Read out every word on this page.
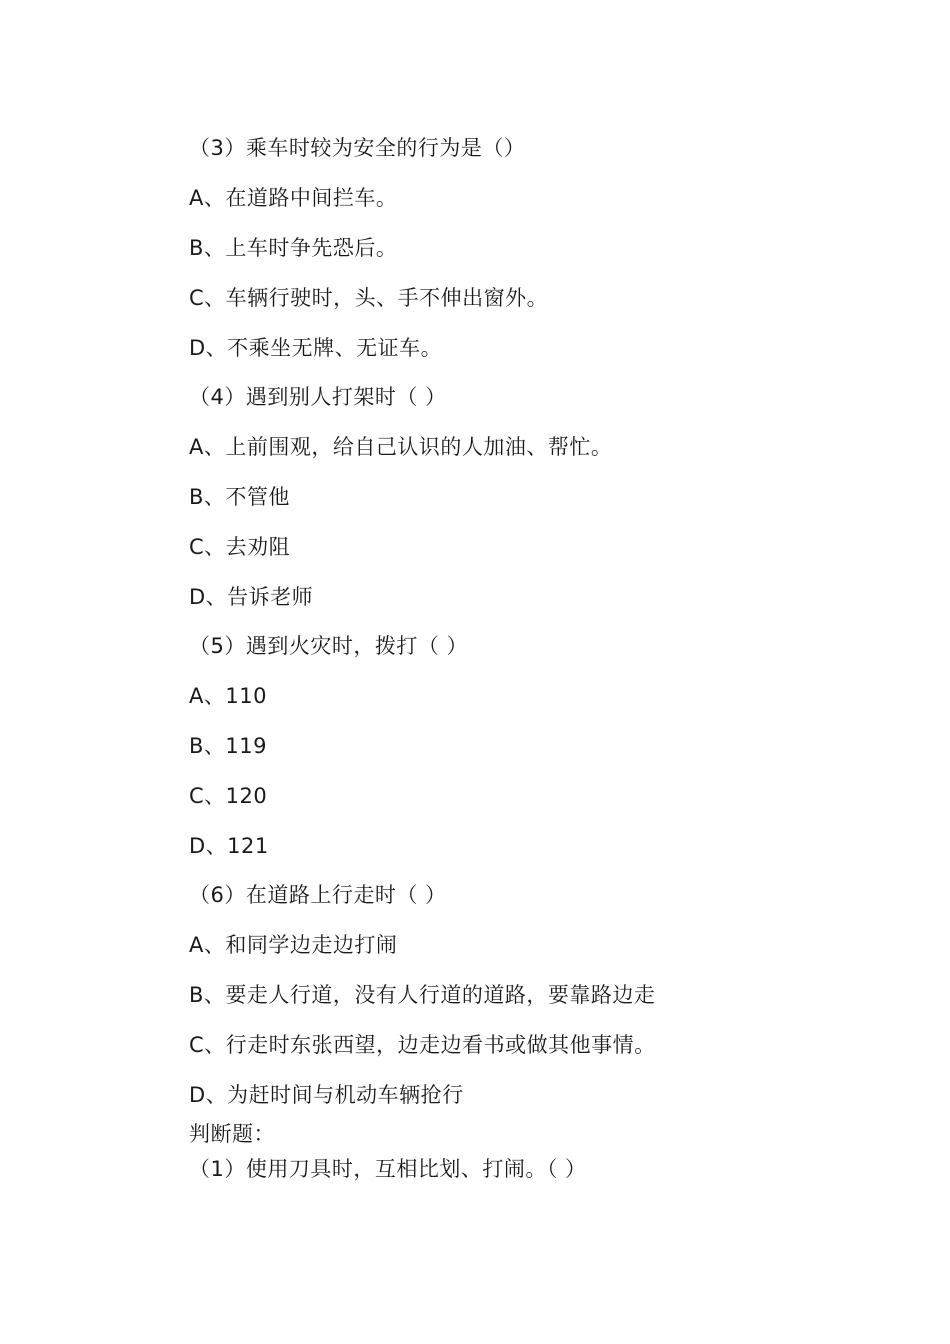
（3）乘车时较为安全的行为是（）
A、在道路中间拦车。
B、上车时争先恐后。
C、车辆行驶时，头、手不伸出窗外。
D、不乘坐无牌、无证车。
（4）遇到别人打架时（ ）
A、上前围观，给自己认识的人加油、帮忙。
B、不管他
C、去劝阻
D、告诉老师
（5）遇到火灾时，拨打（ ）
A、110
B、119
C、120
D、121
（6）在道路上行走时（ ）
A、和同学边走边打闹
B、要走人行道，没有人行道的道路，要靠路边走
C、行走时东张西望，边走边看书或做其他事情。
D、为赶时间与机动车辆抢行
判断题：
（1）使用刀具时，互相比划、打闹。（ ）
